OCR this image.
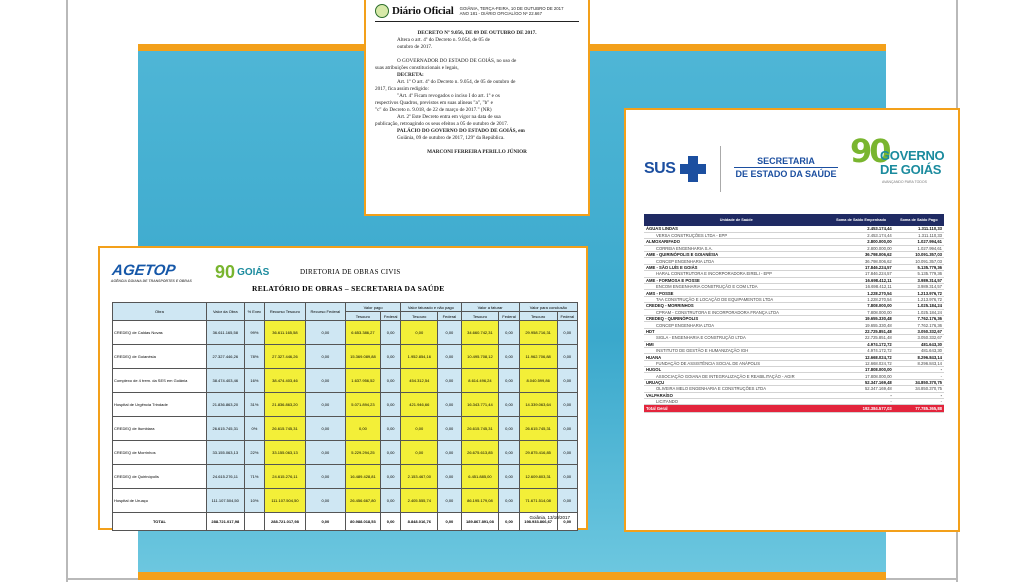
Diário Oficial GOIÂNIA, TERÇA-FEIRA, 10 DE OUTUBRO DE 2017
ANO 181 - DIÁRIO OFICIAL/GO Nº 22.667
DECRETO Nº 9.056, DE 09 DE OUTUBRO DE 2017.
Altera o art. 4º do Decreto n. 9.054, de 05 de
outubro de 2017.

O GOVERNADOR DO ESTADO DE GOIÁS, no uso de
suas atribuições constitucionais e legais,
DECRETA:
Art. 1º O art. 4º do Decreto n. 9.054, de 05 de outubro de
2017, fica assim redigido:
"Art. 4º Ficam revogados o inciso I do art. 1º e os
respectivos Quadros, previstos em suas alíneas "a", "b" e
"c" do Decreto n. 9.018, de 22 de março de 2017." (NR)
Art. 2º Este Decreto entra em vigor na data de sua
publicação, retroagindo os seus efeitos a 05 de outubro de 2017.
PALÁCIO DO GOVERNO DO ESTADO DE GOIÁS, em
Goiânia, 09 de outubro de 2017, 129º da República.

MARCONI FERREIRA PERILLO JÚNIOR
AGETOP
AGÊNCIA GOIANA DE TRANSPORTES E OBRAS 90 GOIÁS	DIRETORIA DE OBRAS CIVIS
RELATÓRIO DE OBRAS – SECRETARIA DA SAÚDE
Obra	Valor da Obra	% Exec	Recurso Tesouro	Recurso Federal	Valor pago		Valor faturado e não pago		Valor a faturar		Valor para conclusão	
					Tesouro	Federal	Tesouro	Federal	Tesouro	Federal	Tesouro	Federal
CREDEQ de Caldas Novas	36.611.165,58	99%	36.611.165,58	0,00	6.653.386,27	0,00	0,00	0,00	34.660.742,31	0,00	29.958.716,31	0,00
CREDEQ de Goianésia	27.327.446,26	78%	27.327.446,26	0,00	15.369.089,88	0,00	1.952.854,16	0,00	10.495.708,12	0,00	11.962.706,88	0,00
Complexo de 4 trem. da SES em Goiânia	38.474.403,46	16%	38.474.403,46	0,00	1.637.956,52	0,00	454.312,54	0,00	8.614.496,24	0,00	8.040.599,86	0,00
Hospital de Urgência Trindade	21.836.863,20	31%	21.836.863,20	0,00	5.071.894,23	0,00	421.946,66	0,00	16.343.771,44	0,00	14.339.063,64	0,00
CREDEQ de Itumbiara	26.615.745,31	0%	26.615.745,31	0,00	0,00	0,00	0,00	0,00	26.615.745,31	0,00	26.615.745,31	0,00
CREDEQ de Morrinhos	33.155.063,13	22%	33.155.063,13	0,00	5.229.294,25	0,00	0,00	0,00	26.675.613,85	0,00	29.875.416,85	0,00
CREDEQ de Quirinópolis	24.615.276,11	71%	24.615.276,11	0,00	16.489.428,81	0,00	2.153.467,00	0,00	6.451.885,00	0,00	12.609.803,31	0,00
Hospital de Uruaçu	111.107.504,50	10%	111.107.504,50	0,00	26.456.667,80	0,00	2.405.555,74	0,00	86.195.179,08	0,00	71.671.514,08	0,00
TOTAL	288.721.017,98		288.721.017,98	0,00	80.988.018,53	0,00	8.848.016,76	0,00	189.867.891,08	0,00	198.933.866,67	0,00
Goiânia, 13/10/2017
SUS	SECRETARIA
DE ESTADO DA SAÚDE
90
GOVERNO
DE GOIÁS
AVANÇANDO PARA TODOS
Unidade de Saúde	Soma de Saldo Empenhado	Soma de Saldo Pago
ÁGUAS LINDAS	2.453.174,44	1.311.110,33
VERSA CONSTRUÇÕES LTDA - EPP	2.453.174,44	1.311.110,33
ALMOXARIFADO	2.800.000,00	1.027.994,61
CORREIA ENGENHARIA S.A.	2.800.000,00	1.027.994,61
AME - QUIRINÓPOLIS E GOIANÉSIA	36.798.006,62	10.091.357,03
CONCEP ENGENHARIA LTDA	36.798.006,62	10.091.357,03
AME - SÃO LUÍS E GOIÁS	17.846.224,57	5.135.779,36
HARAL CONSTRUTORA E INCORPORADORA EIRELI - EPP	17.846.224,57	5.135.779,36
AME - FORMOSA E POSSE	16.698.412,11	3.989.314,57
ENCOM ENGENHARIA CONSTRUÇÃO E COM LTDA	16.698.412,11	3.989.314,57
AMS - POSSE	1.228.270,54	1.213.976,72
TAA CONSTRUÇÃO E LOCAÇÃO DE EQUIPAMENTOS LTDA	1.228.270,54	1.213.976,72
CREDEQ - MORRINHOS	7.808.000,00	1.025.184,24
CPRAM - CONSTRUTORA E INCORPORADORA FRANÇA LTDA	7.808.000,00	1.025.184,24
CREDEQ - QUIRINÓPOLIS	19.655.330,48	7.762.176,36
CONCEP ENGENHARIA LTDA	19.655.330,48	7.762.176,36
HDT	22.725.851,48	3.050.332,67
SIGLA - ENGENHARIA E CONSTRUÇÃO LTDA	22.725.851,48	3.050.332,67
HMI	4.974.172,72	481.643,30
INSTITUTO DE GESTÃO E HUMANIZAÇÃO IGH	4.974.172,72	481.643,30
HUANA	12.668.024,72	8.296.843,14
FUNDAÇÃO DE ASSISTÊNCIA SOCIAL DE ANÁPOLIS	12.668.024,72	8.296.843,14
HUGOL	17.808.000,00	-
ASSOCIAÇÃO GOIANA DE INTEGRALIZAÇÃO E REABILITAÇÃO - AGIR	17.808.000,00	-
URUAÇU	52.347.169,48	34.850.370,75
OLIVEIRA MELO ENGENHARIA E CONSTRUÇÕES LTDA	52.347.169,48	34.850.370,75
VALPARAÍSO	-	-
LICITANDO	-	-
Total Geral	192.384.577,03	77.785.365,88
